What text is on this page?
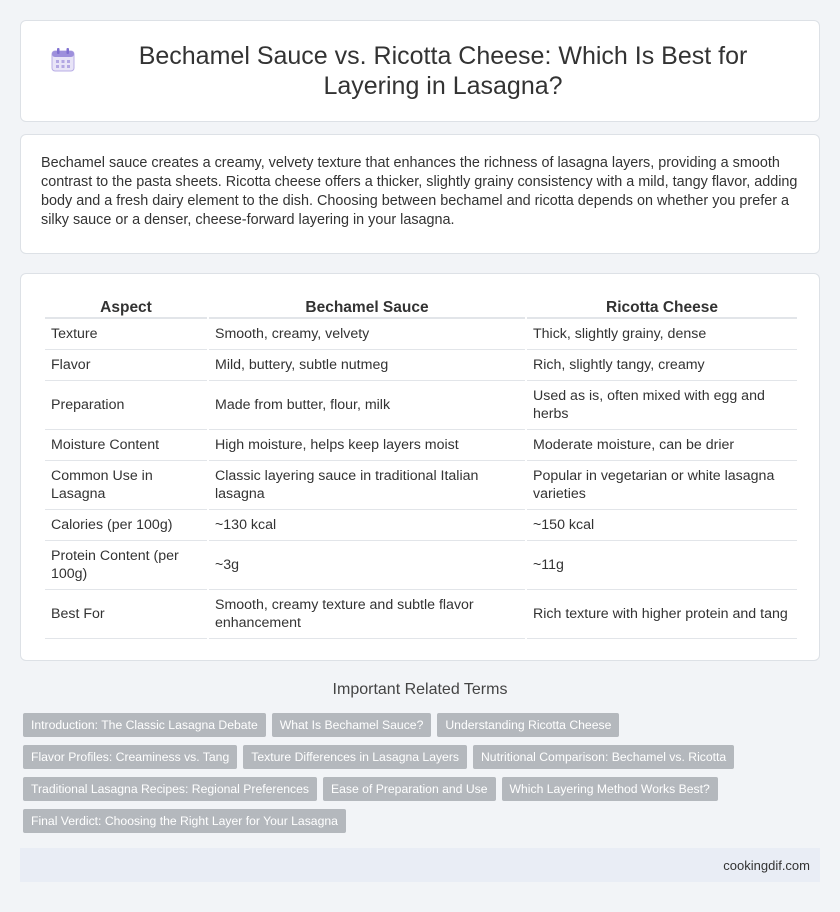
Bechamel Sauce vs. Ricotta Cheese: Which Is Best for Layering in Lasagna?

Bechamel sauce creates a creamy, velvety texture that enhances the richness of lasagna layers, providing a smooth contrast to the pasta sheets. Ricotta cheese offers a thicker, slightly grainy consistency with a mild, tangy flavor, adding body and a fresh dairy element to the dish. Choosing between bechamel and ricotta depends on whether you prefer a silky sauce or a denser, cheese-forward layering in your lasagna.

Aspect	Bechamel Sauce	Ricotta Cheese
Texture	Smooth, creamy, velvety	Thick, slightly grainy, dense
Flavor	Mild, buttery, subtle nutmeg	Rich, slightly tangy, creamy
Preparation	Made from butter, flour, milk	Used as is, often mixed with egg and herbs
Moisture Content	High moisture, helps keep layers moist	Moderate moisture, can be drier
Common Use in Lasagna	Classic layering sauce in traditional Italian lasagna	Popular in vegetarian or white lasagna varieties
Calories (per 100g)	~130 kcal	~150 kcal
Protein Content (per 100g)	~3g	~11g
Best For	Smooth, creamy texture and subtle flavor enhancement	Rich texture with higher protein and tang
Important Related Terms
Introduction: The Classic Lasagna Debate	What Is Bechamel Sauce?	Understanding Ricotta Cheese
Flavor Profiles: Creaminess vs. Tang	Texture Differences in Lasagna Layers	Nutritional Comparison: Bechamel vs. Ricotta
Traditional Lasagna Recipes: Regional Preferences	Ease of Preparation and Use	Which Layering Method Works Best?
Final Verdict: Choosing the Right Layer for Your Lasagna
cookingdif.com
